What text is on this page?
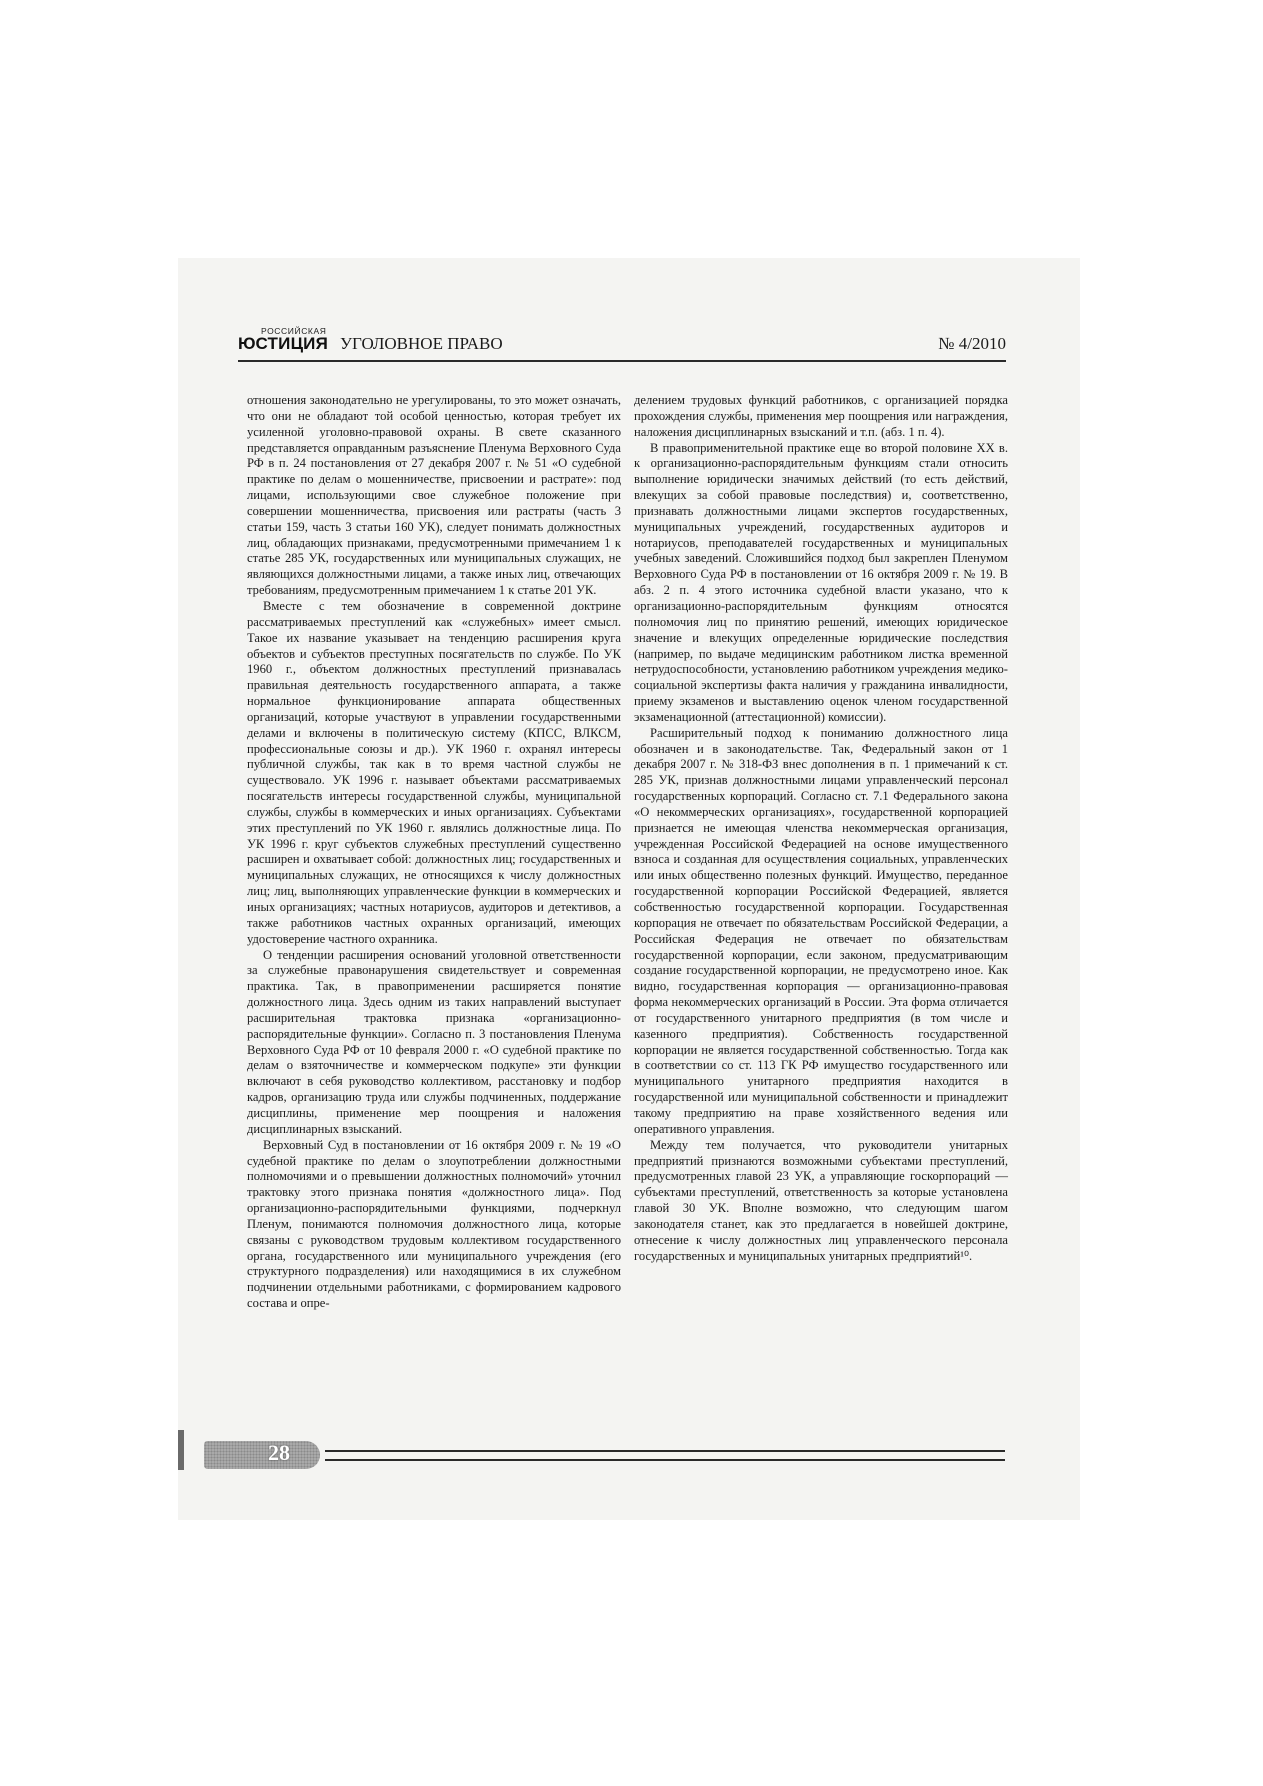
РОССИЙСКАЯ
ЮСТИЦИЯ УГОЛОВНОЕ ПРАВО	№ 4/2010

отношения законодательно не урегулированы, то это может означать, что они не обладают той особой ценностью, которая требует их усиленной уголовно-правовой охраны. В свете сказанного представляется оправданным разъяснение Пленума Верховного Суда РФ в п. 24 постановления от 27 декабря 2007 г. № 51 «О судебной практике по делам о мошенничестве, присвоении и растрате»: под лицами, использующими свое служебное положение при совершении мошенничества, присвоения или растраты (часть 3 статьи 159, часть 3 статьи 160 УК), следует понимать должностных лиц, обладающих признаками, предусмотренными примечанием 1 к статье 285 УК, государственных или муниципальных служащих, не являющихся должностными лицами, а также иных лиц, отвечающих требованиям, предусмотренным примечанием 1 к статье 201 УК.

Вместе с тем обозначение в современной доктрине рассматриваемых преступлений как «служебных» имеет смысл. Такое их название указывает на тенденцию расширения круга объектов и субъектов преступных посягательств по службе. По УК 1960 г., объектом должностных преступлений признавалась правильная деятельность государственного аппарата, а также нормальное функционирование аппарата общественных организаций, которые участвуют в управлении государственными делами и включены в политическую систему (КПСС, ВЛКСМ, профессиональные союзы и др.). УК 1960 г. охранял интересы публичной службы, так как в то время частной службы не существовало. УК 1996 г. называет объектами рассматриваемых посягательств интересы государственной службы, муниципальной службы, службы в коммерческих и иных организациях. Субъектами этих преступлений по УК 1960 г. являлись должностные лица. По УК 1996 г. круг субъектов служебных преступлений существенно расширен и охватывает собой: должностных лиц; государственных и муниципальных служащих, не относящихся к числу должностных лиц; лиц, выполняющих управленческие функции в коммерческих и иных организациях; частных нотариусов, аудиторов и детективов, а также работников частных охранных организаций, имеющих удостоверение частного охранника.

О тенденции расширения оснований уголовной ответственности за служебные правонарушения свидетельствует и современная практика. Так, в правоприменении расширяется понятие должностного лица. Здесь одним из таких направлений выступает расширительная трактовка признака «организационно-распорядительные функции». Согласно п. 3 постановления Пленума Верховного Суда РФ от 10 февраля 2000 г. «О судебной практике по делам о взяточничестве и коммерческом подкупе» эти функции включают в себя руководство коллективом, расстановку и подбор кадров, организацию труда или службы подчиненных, поддержание дисциплины, применение мер поощрения и наложения дисциплинарных взысканий.

Верховный Суд в постановлении от 16 октября 2009 г. № 19 «О судебной практике по делам о злоупотреблении должностными полномочиями и о превышении должностных полномочий» уточнил трактовку этого признака понятия «должностного лица». Под организационно-распорядительными функциями, подчеркнул Пленум, понимаются полномочия должностного лица, которые связаны с руководством трудовым коллективом государственного органа, государственного или муниципального учреждения (его структурного подразделения) или находящимися в их служебном подчинении отдельными работниками, с формированием кадрового состава и опре-

делением трудовых функций работников, с организацией порядка прохождения службы, применения мер поощрения или награждения, наложения дисциплинарных взысканий и т.п. (абз. 1 п. 4).

В правоприменительной практике еще во второй половине XX в. к организационно-распорядительным функциям стали относить выполнение юридически значимых действий (то есть действий, влекущих за собой правовые последствия) и, соответственно, признавать должностными лицами экспертов государственных, муниципальных учреждений, государственных аудиторов и нотариусов, преподавателей государственных и муниципальных учебных заведений. Сложившийся подход был закреплен Пленумом Верховного Суда РФ в постановлении от 16 октября 2009 г. № 19. В абз. 2 п. 4 этого источника судебной власти указано, что к организационно-распорядительным функциям относятся полномочия лиц по принятию решений, имеющих юридическое значение и влекущих определенные юридические последствия (например, по выдаче медицинским работником листка временной нетрудоспособности, установлению работником учреждения медико-социальной экспертизы факта наличия у гражданина инвалидности, приему экзаменов и выставлению оценок членом государственной экзаменационной (аттестационной) комиссии).

Расширительный подход к пониманию должностного лица обозначен и в законодательстве. Так, Федеральный закон от 1 декабря 2007 г. № 318-ФЗ внес дополнения в п. 1 примечаний к ст. 285 УК, признав должностными лицами управленческий персонал государственных корпораций. Согласно ст. 7.1 Федерального закона «О некоммерческих организациях», государственной корпорацией признается не имеющая членства некоммерческая организация, учрежденная Российской Федерацией на основе имущественного взноса и созданная для осуществления социальных, управленческих или иных общественно полезных функций. Имущество, переданное государственной корпорации Российской Федерацией, является собственностью государственной корпорации. Государственная корпорация не отвечает по обязательствам Российской Федерации, а Российская Федерация не отвечает по обязательствам государственной корпорации, если законом, предусматривающим создание государственной корпорации, не предусмотрено иное. Как видно, государственная корпорация — организационно-правовая форма некоммерческих организаций в России. Эта форма отличается от государственного унитарного предприятия (в том числе и казенного предприятия). Собственность государственной корпорации не является государственной собственностью. Тогда как в соответствии со ст. 113 ГК РФ имущество государственного или муниципального унитарного предприятия находится в государственной или муниципальной собственности и принадлежит такому предприятию на праве хозяйственного ведения или оперативного управления.

Между тем получается, что руководители унитарных предприятий признаются возможными субъектами преступлений, предусмотренных главой 23 УК, а управляющие госкорпораций — субъектами преступлений, ответственность за которые установлена главой 30 УК. Вполне возможно, что следующим шагом законодателя станет, как это предлагается в новейшей доктрине, отнесение к числу должностных лиц управленческого персонала государственных и муниципальных унитарных предприятий¹⁰.

28
